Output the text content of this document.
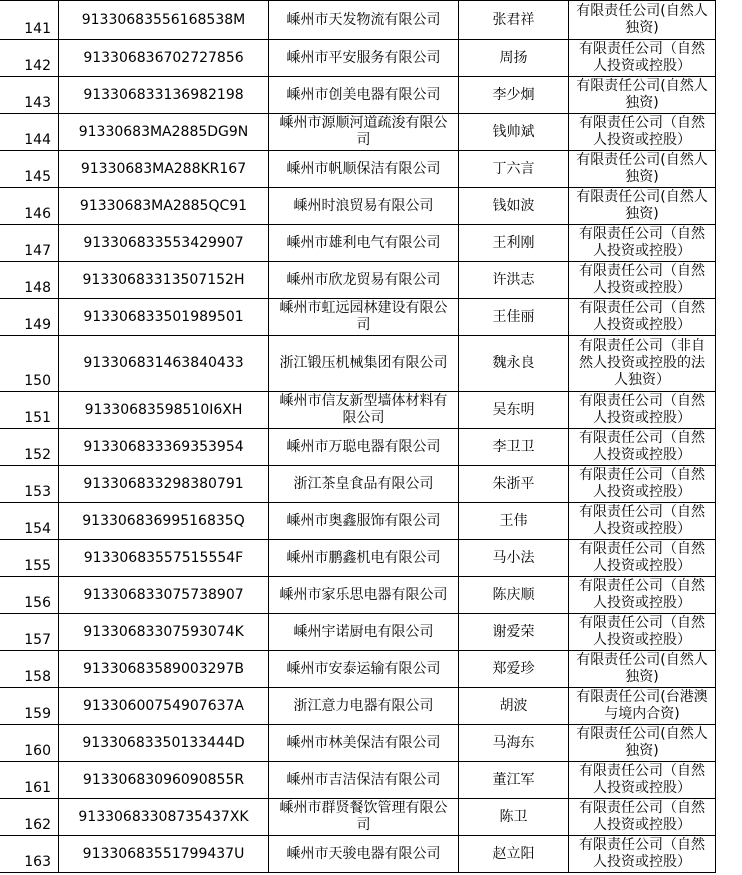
141	91330683556168538M	嵊州市天发物流有限公司	张君祥	有限责任公司(自然人独资)
142	913306836702727856	嵊州市平安服务有限公司	周扬	有限责任公司（自然人投资或控股）
143	913306833136982198	嵊州市创美电器有限公司	李少炯	有限责任公司(自然人独资)
144	91330683MA2885DG9N	嵊州市源顺河道疏浚有限公司	钱帅斌	有限责任公司（自然人投资或控股）
145	91330683MA288KR167	嵊州市帆顺保洁有限公司	丁六言	有限责任公司(自然人独资)
146	91330683MA2885QC91	嵊州时浪贸易有限公司	钱如波	有限责任公司(自然人独资)
147	913306833553429907	嵊州市雄利电气有限公司	王利刚	有限责任公司（自然人投资或控股）
148	91330683313507152H	嵊州市欣龙贸易有限公司	许洪志	有限责任公司（自然人投资或控股）
149	913306833501989501	嵊州市虹远园林建设有限公司	王佳丽	有限责任公司（自然人投资或控股）
150	913306831463840433	浙江锻压机械集团有限公司	魏永良	有限责任公司（非自然人投资或控股的法人独资）
151	91330683598510I6XH	嵊州市信友新型墙体材料有限公司	吴东明	有限责任公司（自然人投资或控股）
152	913306833369353954	嵊州市万聪电器有限公司	李卫卫	有限责任公司（自然人投资或控股）
153	913306833298380791	浙江茶皇食品有限公司	朱浙平	有限责任公司（自然人投资或控股）
154	91330683699516835Q	嵊州市奥鑫服饰有限公司	王伟	有限责任公司（自然人投资或控股）
155	91330683557515554F	嵊州市鹏鑫机电有限公司	马小法	有限责任公司（自然人投资或控股）
156	913306833075738907	嵊州市家乐思电器有限公司	陈庆顺	有限责任公司（自然人投资或控股）
157	91330683307593074K	嵊州宇诺厨电有限公司	谢爱荣	有限责任公司（自然人投资或控股）
158	91330683589003297B	嵊州市安泰运输有限公司	郑爱珍	有限责任公司(自然人独资)
159	91330600754907637A	浙江意力电器有限公司	胡波	有限责任公司(台港澳与境内合资)
160	91330683350133444D	嵊州市林美保洁有限公司	马海东	有限责任公司(自然人独资)
161	91330683096090855R	嵊州市吉洁保洁有限公司	董江军	有限责任公司（自然人投资或控股）
162	91330683308735437XK	嵊州市群贤餐饮管理有限公司	陈卫	有限责任公司（自然人投资或控股）
163	91330683551799437U	嵊州市天骏电器有限公司	赵立阳	有限责任公司（自然人投资或控股）
